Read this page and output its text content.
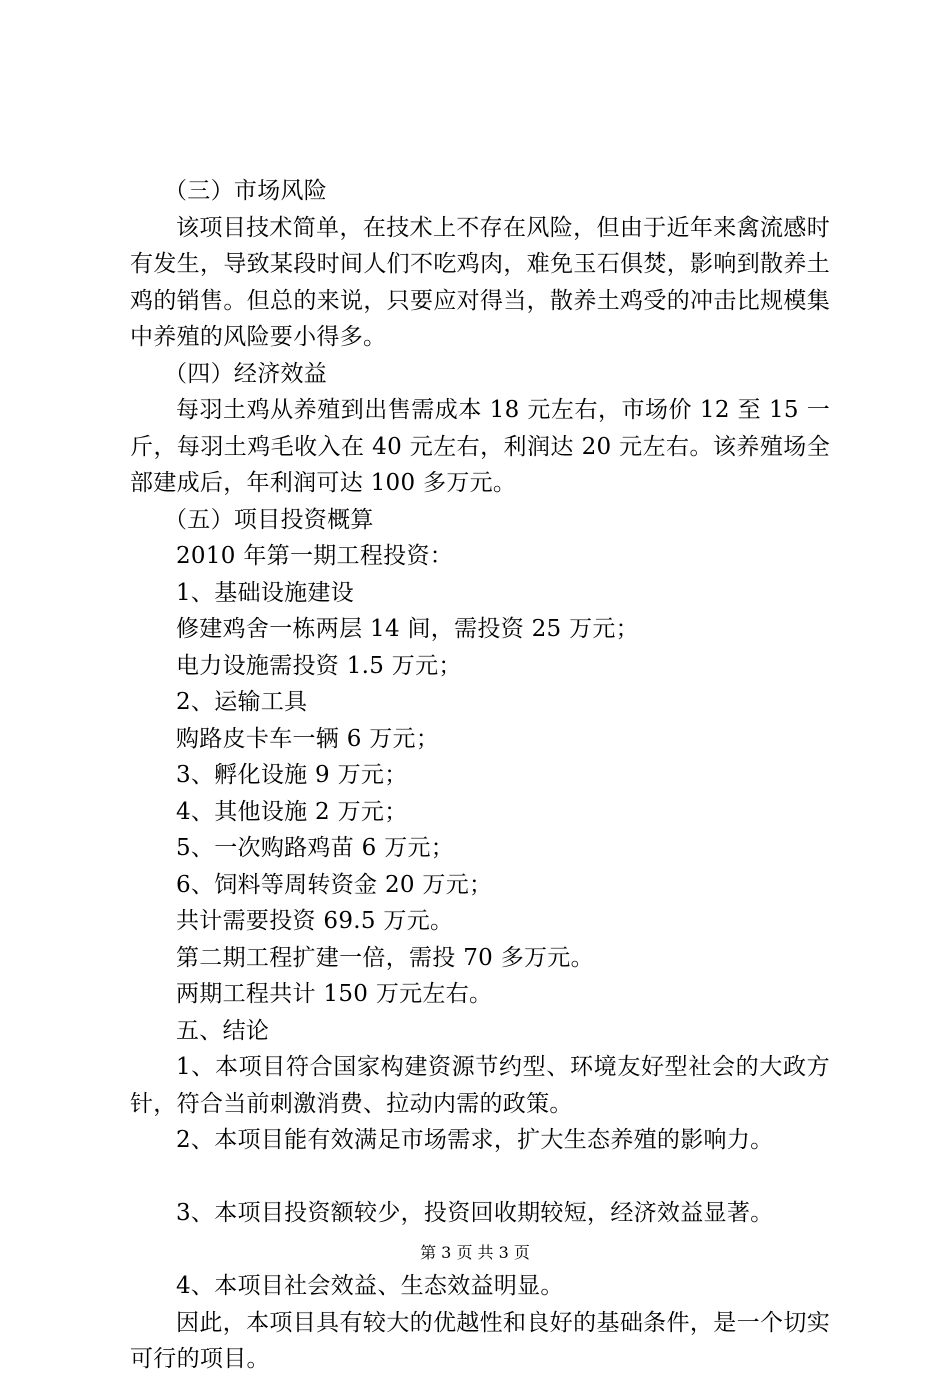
（三）市场风险

该项目技术简单，在技术上不存在风险，但由于近年来禽流感时有发生，导致某段时间人们不吃鸡肉，难免玉石俱焚，影响到散养土鸡的销售。但总的来说，只要应对得当，散养土鸡受的冲击比规模集中养殖的风险要小得多。

（四）经济效益

每羽土鸡从养殖到出售需成本 18 元左右，市场价 12 至 15 一斤，每羽土鸡毛收入在 40 元左右，利润达 20 元左右。该养殖场全部建成后，年利润可达 100 多万元。

（五）项目投资概算

2010 年第一期工程投资：

1、基础设施建设

修建鸡舍一栋两层 14 间，需投资 25 万元；

电力设施需投资 1.5 万元；

2、运输工具

购路皮卡车一辆 6 万元；

3、孵化设施 9 万元；

4、其他设施 2 万元；

5、一次购路鸡苗 6 万元；

6、饲料等周转资金 20 万元；

共计需要投资 69.5 万元。

第二期工程扩建一倍，需投 70 多万元。

两期工程共计 150 万元左右。

五、结论

1、本项目符合国家构建资源节约型、环境友好型社会的大政方针，符合当前刺激消费、拉动内需的政策。

2、本项目能有效满足市场需求，扩大生态养殖的影响力。

3、本项目投资额较少，投资回收期较短，经济效益显著。

4、本项目社会效益、生态效益明显。

因此，本项目具有较大的优越性和良好的基础条件，是一个切实可行的项目。

第 3 页 共 3 页
